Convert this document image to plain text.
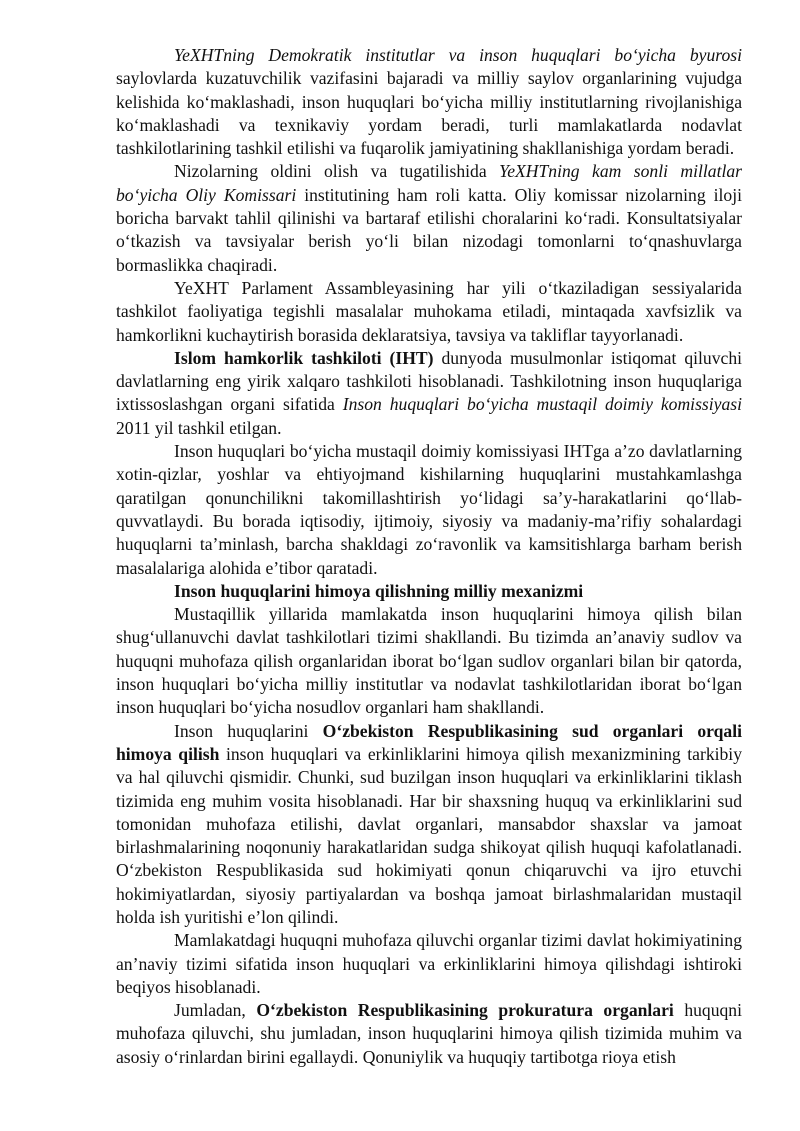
YeXHTning Demokratik institutlar va inson huquqlari bo‘yicha byurosi saylovlarda kuzatuvchilik vazifasini bajaradi va milliy saylov organlarining vujudga kelishida ko‘maklashadi, inson huquqlari bo‘yicha milliy institutlarning rivojlanishiga ko‘maklashadi va texnikaviy yordam beradi, turli mamlakatlarda nodavlat tashkilotlarining tashkil etilishi va fuqarolik jamiyatining shakllanishiga yordam beradi.

Nizolarning oldini olish va tugatilishida YeXHTning kam sonli millatlar bo‘yicha Oliy Komissari institutining ham roli katta. Oliy komissar nizolarning iloji boricha barvakt tahlil qilinishi va bartaraf etilishi choralarini ko‘radi. Konsultatsiyalar o‘tkazish va tavsiyalar berish yo‘li bilan nizodagi tomonlarni to‘qnashuvlarga bormaslikka chaqiradi.

YeXHT Parlament Assambleyasining har yili o‘tkaziladigan sessiyalarida tashkilot faoliyatiga tegishli masalalar muhokama etiladi, mintaqada xavfsizlik va hamkorlikni kuchaytirish borasida deklaratsiya, tavsiya va takliflar tayyorlanadi.

Islom hamkorlik tashkiloti (IHT) dunyoda musulmonlar istiqomat qiluvchi davlatlarning eng yirik xalqaro tashkiloti hisoblanadi. Tashkilotning inson huquqlariga ixtissoslashgan organi sifatida Inson huquqlari bo‘yicha mustaqil doimiy komissiyasi 2011 yil tashkil etilgan.

Inson huquqlari bo‘yicha mustaqil doimiy komissiyasi IHTga a’zo davlatlarning xotin-qizlar, yoshlar va ehtiyojmand kishilarning huquqlarini mustahkamlashga qaratilgan qonunchilikni takomillashtirish yo‘lidagi sa’y-harakatlarini qo‘llab-quvvatlaydi. Bu borada iqtisodiy, ijtimoiy, siyosiy va madaniy-ma’rifiy sohalardagi huquqlarni ta’minlash, barcha shakldagi zo‘ravonlik va kamsitishlarga barham berish masalalariga alohida e’tibor qaratadi.

Inson huquqlarini himoya qilishning milliy mexanizmi

Mustaqillik yillarida mamlakatda inson huquqlarini himoya qilish bilan shug‘ullanuvchi davlat tashkilotlari tizimi shakllandi. Bu tizimda an’anaviy sudlov va huquqni muhofaza qilish organlaridan iborat bo‘lgan sudlov organlari bilan bir qatorda, inson huquqlari bo‘yicha milliy institutlar va nodavlat tashkilotlaridan iborat bo‘lgan inson huquqlari bo‘yicha nosudlov organlari ham shakllandi.

Inson huquqlarini O‘zbekiston Respublikasining sud organlari orqali himoya qilish inson huquqlari va erkinliklarini himoya qilish mexanizmining tarkibiy va hal qiluvchi qismidir. Chunki, sud buzilgan inson huquqlari va erkinliklarini tiklash tizimida eng muhim vosita hisoblanadi. Har bir shaxsning huquq va erkinliklarini sud tomonidan muhofaza etilishi, davlat organlari, mansabdor shaxslar va jamoat birlashmalarining noqonuniy harakatlaridan sudga shikoyat qilish huquqi kafolatlanadi. O‘zbekiston Respublikasida sud hokimiyati qonun chiqaruvchi va ijro etuvchi hokimiyatlardan, siyosiy partiyalardan va boshqa jamoat birlashmalaridan mustaqil holda ish yuritishi e’lon qilindi.

Mamlakatdagi huquqni muhofaza qiluvchi organlar tizimi davlat hokimiyatining an’naviy tizimi sifatida inson huquqlari va erkinliklarini himoya qilishdagi ishtiroki beqiyos hisoblanadi.

Jumladan, O‘zbekiston Respublikasining prokuratura organlari huquqni muhofaza qiluvchi, shu jumladan, inson huquqlarini himoya qilish tizimida muhim va asosiy o‘rinlardan birini egallaydi. Qonuniylik va huquqiy tartibotga rioya etish
